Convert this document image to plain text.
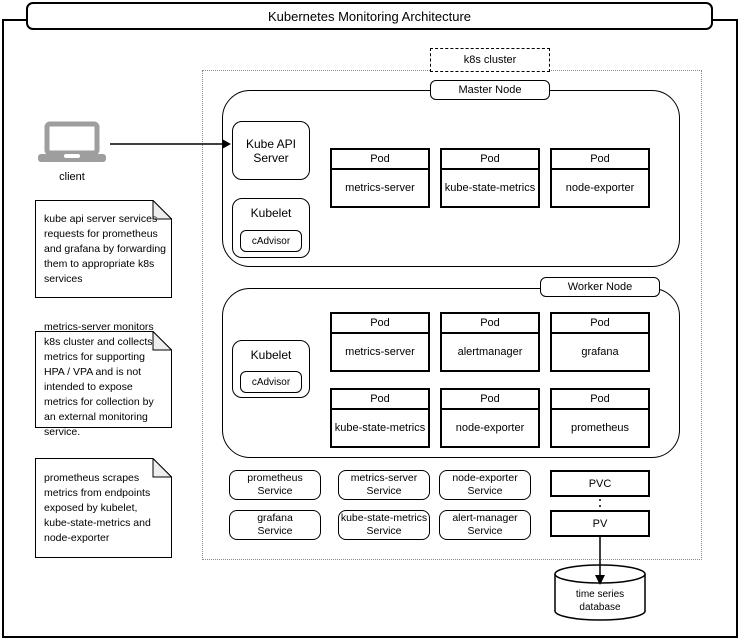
Kubernetes Monitoring Architecture
client
kube api server services requests for prometheus and grafana by forwarding them to appropriate k8s services
metrics-server monitors k8s cluster and collects metrics for supporting HPA / VPA and is not intended to expose metrics for collection by an external monitoring service.
prometheus scrapes metrics from endpoints exposed by kubelet, kube-state-metrics and node-exporter
k8s cluster
Master Node
Kube API Server
Kubelet
cAdvisor
Pod
metrics-server
Pod
kube-state-metrics
Pod
node-exporter
Worker Node
Kubelet
cAdvisor
Pod
metrics-server
Pod
alertmanager
Pod
grafana
Pod
kube-state-metrics
Pod
node-exporter
Pod
prometheus
prometheus
Service
metrics-server
Service
node-exporter
Service
grafana
Service
kube-state-metrics
Service
alert-manager
Service
PVC
PV
time series
database
